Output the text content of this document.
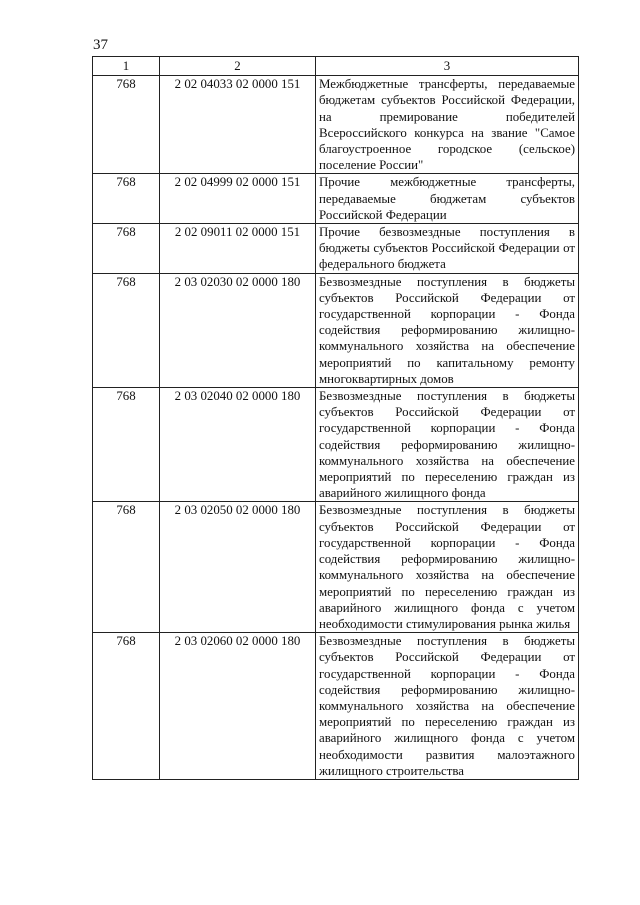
37
1	2	3
768	2 02 04033 02 0000 151	Межбюджетные трансферты, передаваемые бюджетам субъектов Российской Федерации, на премирование победителей Всероссийского конкурса на звание "Самое благоустроенное городское (сельское) поселение России"
768	2 02 04999 02 0000 151	Прочие межбюджетные трансферты, передаваемые бюджетам субъектов Российской Федерации
768	2 02 09011 02 0000 151	Прочие безвозмездные поступления в бюджеты субъектов Российской Федерации от федерального бюджета
768	2 03 02030 02 0000 180	Безвозмездные поступления в бюджеты субъектов Российской Федерации от государственной корпорации - Фонда содействия реформированию жилищно-коммунального хозяйства на обеспечение мероприятий по капитальному ремонту многоквартирных домов
768	2 03 02040 02 0000 180	Безвозмездные поступления в бюджеты субъектов Российской Федерации от государственной корпорации - Фонда содействия реформированию жилищно-коммунального хозяйства на обеспечение мероприятий по переселению граждан из аварийного жилищного фонда
768	2 03 02050 02 0000 180	Безвозмездные поступления в бюджеты субъектов Российской Федерации от государственной корпорации - Фонда содействия реформированию жилищно-коммунального хозяйства на обеспечение мероприятий по переселению граждан из аварийного жилищного фонда с учетом необходимости стимулирования рынка жилья
768	2 03 02060 02 0000 180	Безвозмездные поступления в бюджеты субъектов Российской Федерации от государственной корпорации - Фонда содействия реформированию жилищно-коммунального хозяйства на обеспечение мероприятий по переселению граждан из аварийного жилищного фонда с учетом необходимости развития малоэтажного жилищного строительства
